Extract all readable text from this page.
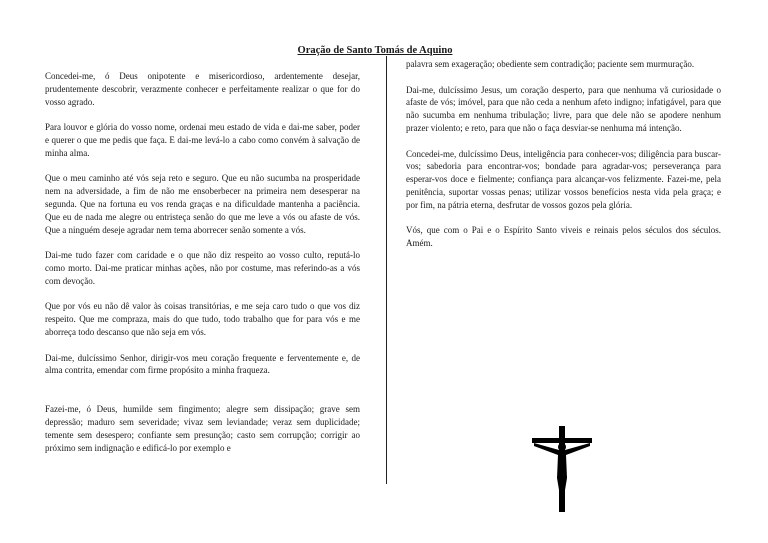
Oração de Santo Tomás de Aquino

Concedei-me, ó Deus onipotente e misericordioso, ardentemente desejar, prudentemente descobrir, verazmente conhecer e perfeitamente realizar o que for do vosso agrado.

Para louvor e glória do vosso nome, ordenai meu estado de vida e dai-me saber, poder e querer o que me pedis que faça. E dai-me levá-lo a cabo como convém à salvação de minha alma.

Que o meu caminho até vós seja reto e seguro. Que eu não sucumba na prosperidade nem na adversidade, a fim de não me ensoberbecer na primeira nem desesperar na segunda. Que na fortuna eu vos renda graças e na dificuldade mantenha a paciência. Que eu de nada me alegre ou entristeça senão do que me leve a vós ou afaste de vós. Que a ninguém deseje agradar nem tema aborrecer senão somente a vós.

Dai-me tudo fazer com caridade e o que não diz respeito ao vosso culto, reputá-lo como morto. Dai-me praticar minhas ações, não por costume, mas referindo-as a vós com devoção.

Que por vós eu não dê valor às coisas transitórias, e me seja caro tudo o que vos diz respeito. Que me compraza, mais do que tudo, todo trabalho que for para vós e me aborreça todo descanso que não seja em vós.

Dai-me, dulcíssimo Senhor, dirigir-vos meu coração frequente e ferventemente e, de alma contrita, emendar com firme propósito a minha fraqueza.

Fazei-me, ó Deus, humilde sem fingimento; alegre sem dissipação; grave sem depressão; maduro sem severidade; vivaz sem leviandade; veraz sem duplicidade; temente sem desespero; confiante sem presunção; casto sem corrupção; corrigir ao próximo sem indignação e edificá-lo por exemplo e

palavra sem exageração; obediente sem contradição; paciente sem murmuração.

Dai-me, dulcíssimo Jesus, um coração desperto, para que nenhuma vã curiosidade o afaste de vós; imóvel, para que não ceda a nenhum afeto indigno; infatigável, para que não sucumba em nenhuma tribulação; livre, para que dele não se apodere nenhum prazer violento; e reto, para que não o faça desviar-se nenhuma má intenção.

Concedei-me, dulcíssimo Deus, inteligência para conhecer-vos; diligência para buscar-vos; sabedoria para encontrar-vos; bondade para agradar-vos; perseverança para esperar-vos doce e fielmente; confiança para alcançar-vos felizmente. Fazei-me, pela penitência, suportar vossas penas; utilizar vossos benefícios nesta vida pela graça; e por fim, na pátria eterna, desfrutar de vossos gozos pela glória.

Vós, que com o Pai e o Espírito Santo viveis e reinais pelos séculos dos séculos. Amém.
